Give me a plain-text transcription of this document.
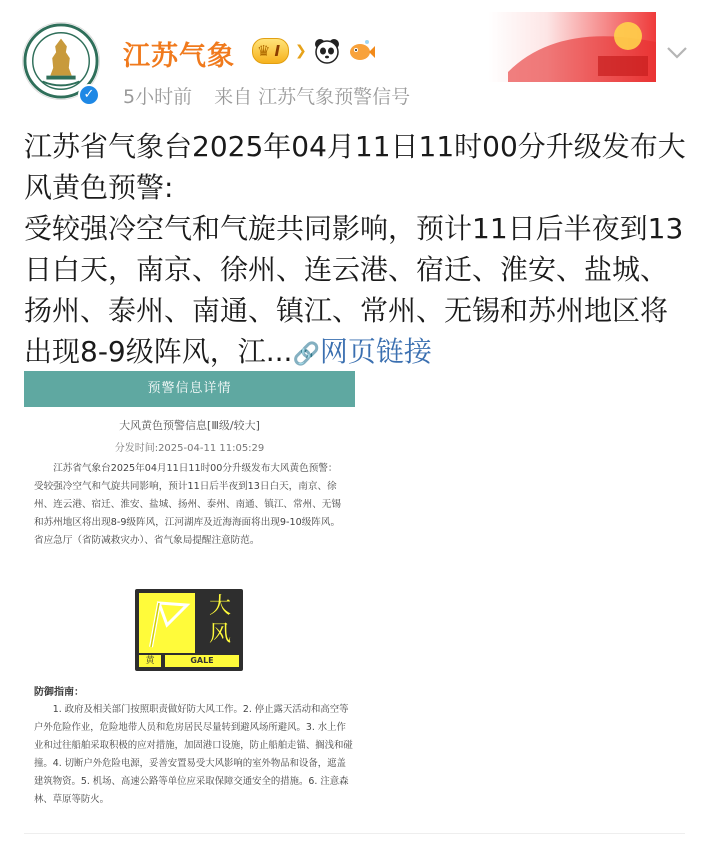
✓
江苏气象 ♛ I ❯
5小时前 来自 江苏气象预警信号
江苏省气象台2025年04月11日11时00分升级发布大风黄色预警:
受较强冷空气和气旋共同影响，预计11日后半夜到13日白天，南京、徐州、连云港、宿迁、淮安、盐城、扬州、泰州、南通、镇江、常州、无锡和苏州地区将出现8-9级阵风，江...🔗网页链接
预警信息详情
大风黄色预警信息[Ⅲ级/较大]
分发时间:2025-04-11 11:05:29
江苏省气象台2025年04月11日11时00分升级发布大风黄色预警：受较强冷空气和气旋共同影响，预计11日后半夜到13日白天，南京、徐州、连云港、宿迁、淮安、盐城、扬州、泰州、南通、镇江、常州、无锡和苏州地区将出现8-9级阵风，江河湖库及近海海面将出现9-10级阵风。省应急厅（省防减救灾办）、省气象局提醒注意防范。
大风
黄	GALE
防御指南：
1. 政府及相关部门按照职责做好防大风工作。2. 停止露天活动和高空等户外危险作业，危险地带人员和危房居民尽量转到避风场所避风。3. 水上作业和过往船舶采取积极的应对措施，加固港口设施，防止船舶走锚、搁浅和碰撞。4. 切断户外危险电源，妥善安置易受大风影响的室外物品和设备，遮盖建筑物资。5. 机场、高速公路等单位应采取保障交通安全的措施。6. 注意森林、草原等防火。
